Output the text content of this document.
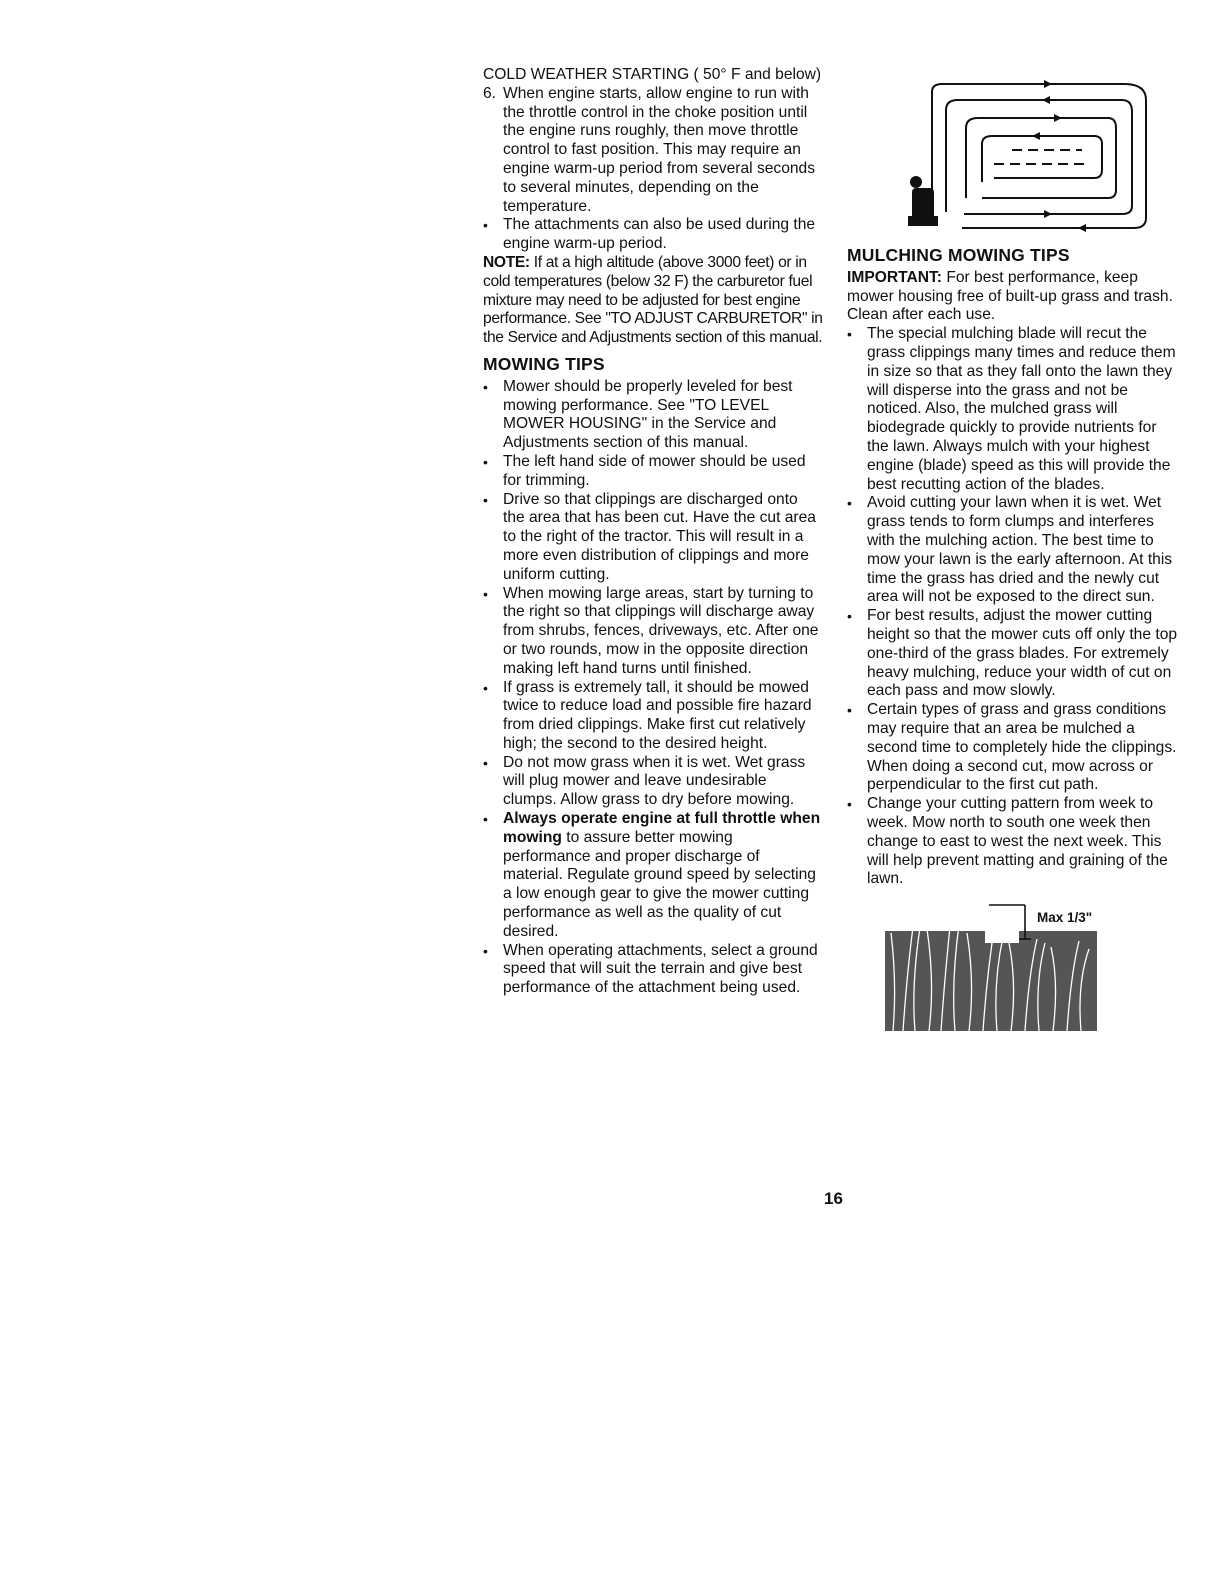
COLD WEATHER STARTING ( 50° F and below)

6. When engine starts, allow engine to run with the throttle control in the choke position until the engine runs roughly, then move throttle control to fast position. This may require an engine warm-up period from several seconds to several minutes, depending on the temperature.
• The attachments can also be used during the engine warm-up period.

NOTE: If at a high altitude (above 3000 feet) or in cold temperatures (below 32 F) the carburetor fuel mixture may need to be adjusted for best engine performance. See "TO ADJUST CARBURETOR" in the Service and Adjustments section of this manual.

MOWING TIPS
• Mower should be properly leveled for best mowing performance. See "TO LEVEL MOWER HOUSING" in the Service and Adjustments section of this manual.
• The left hand side of mower should be used for trimming.
• Drive so that clippings are discharged onto the area that has been cut. Have the cut area to the right of the tractor. This will result in a more even distribution of clippings and more uniform cutting.
• When mowing large areas, start by turning to the right so that clippings will discharge away from shrubs, fences, driveways, etc. After one or two rounds, mow in the opposite direction making left hand turns until finished.
• If grass is extremely tall, it should be mowed twice to reduce load and possible fire hazard from dried clippings. Make first cut relatively high; the second to the desired height.
• Do not mow grass when it is wet. Wet grass will plug mower and leave undesirable clumps. Allow grass to dry before mowing.
• Always operate engine at full throttle when mowing to assure better mowing performance and proper discharge of material. Regulate ground speed by selecting a low enough gear to give the mower cutting performance as well as the quality of cut desired.
• When operating attachments, select a ground speed that will suit the terrain and give best performance of the attachment being used.
MULCHING MOWING TIPS

IMPORTANT: For best performance, keep mower housing free of built-up grass and trash. Clean after each use.

• The special mulching blade will recut the grass clippings many times and reduce them in size so that as they fall onto the lawn they will disperse into the grass and not be noticed. Also, the mulched grass will biodegrade quickly to provide nutrients for the lawn. Always mulch with your highest engine (blade) speed as this will provide the best recutting action of the blades.
• Avoid cutting your lawn when it is wet. Wet grass tends to form clumps and interferes with the mulching action. The best time to mow your lawn is the early afternoon. At this time the grass has dried and the newly cut area will not be exposed to the direct sun.
• For best results, adjust the mower cutting height so that the mower cuts off only the top one-third of the grass blades. For extremely heavy mulching, reduce your width of cut on each pass and mow slowly.
• Certain types of grass and grass conditions may require that an area be mulched a second time to completely hide the clippings. When doing a second cut, mow across or perpendicular to the first cut path.
• Change your cutting pattern from week to week. Mow north to south one week then change to east to west the next week. This will help prevent matting and graining of the lawn.
Max 1/3"
16
